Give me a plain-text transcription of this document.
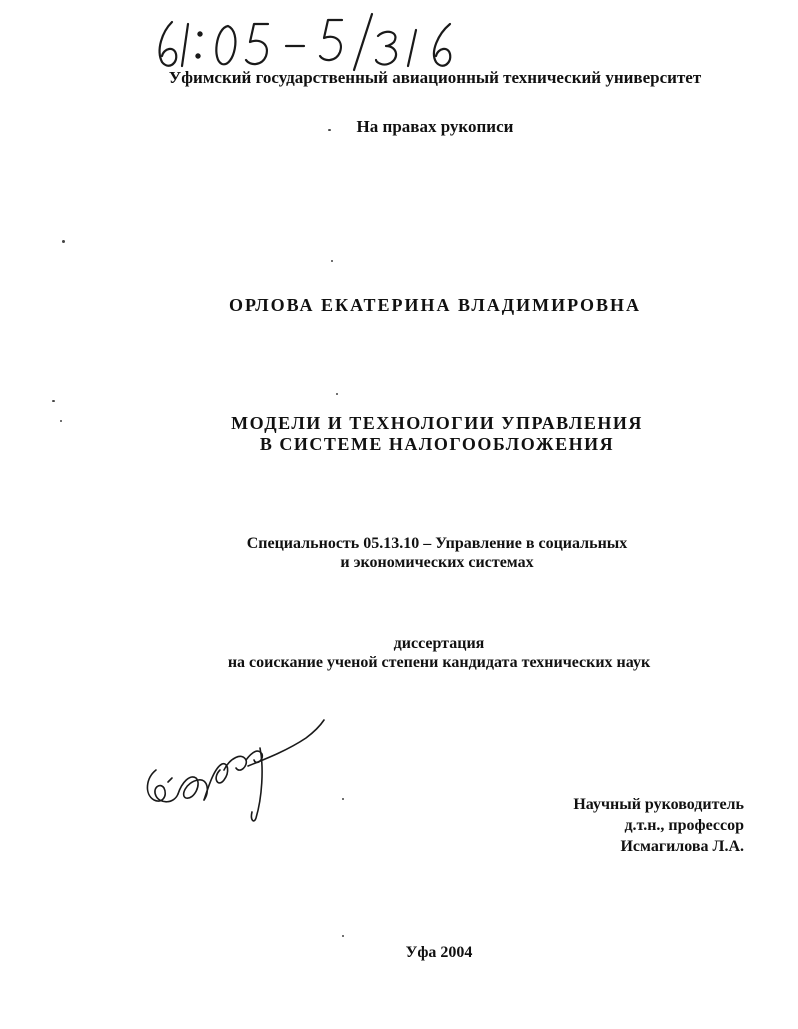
Уфимский государственный авиационный технический университет
На правах рукописи
ОРЛОВА ЕКАТЕРИНА ВЛАДИМИРОВНА
МОДЕЛИ И ТЕХНОЛОГИИ УПРАВЛЕНИЯ
В СИСТЕМЕ НАЛОГООБЛОЖЕНИЯ
Специальность 05.13.10 – Управление в социальных
и экономических системах
диссертация
на соискание ученой степени кандидата технических наук
Научный руководитель
д.т.н., профессор
Исмагилова Л.А.
Уфа 2004
